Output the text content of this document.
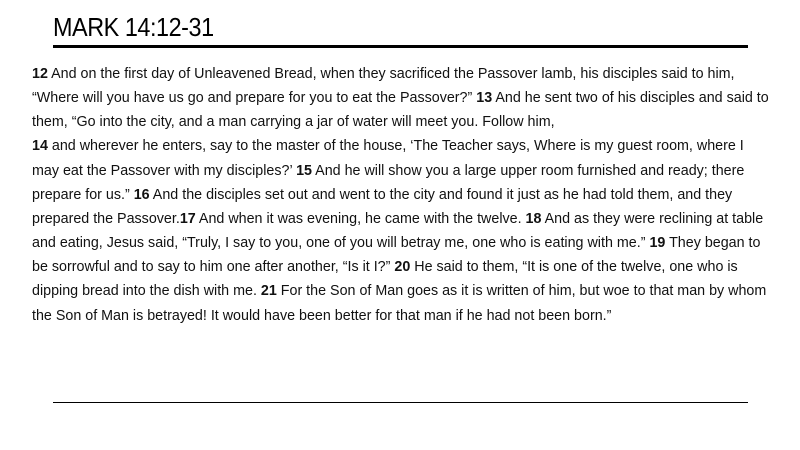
MARK 14:12-31

12 And on the first day of Unleavened Bread, when they sacrificed the Passover lamb, his disciples said to him, “Where will you have us go and prepare for you to eat the Passover?” 13 And he sent two of his disciples and said to them, “Go into the city, and a man carrying a jar of water will meet you. Follow him,
14 and wherever he enters, say to the master of the house, ‘The Teacher says, Where is my guest room, where I may eat the Passover with my disciples?’ 15 And he will show you a large upper room furnished and ready; there prepare for us.” 16 And the disciples set out and went to the city and found it just as he had told them, and they prepared the Passover.17 And when it was evening, he came with the twelve. 18 And as they were reclining at table and eating, Jesus said, “Truly, I say to you, one of you will betray me, one who is eating with me.” 19 They began to be sorrowful and to say to him one after another, “Is it I?” 20 He said to them, “It is one of the twelve, one who is dipping bread into the dish with me. 21 For the Son of Man goes as it is written of him, but woe to that man by whom the Son of Man is betrayed! It would have been better for that man if he had not been born.”
